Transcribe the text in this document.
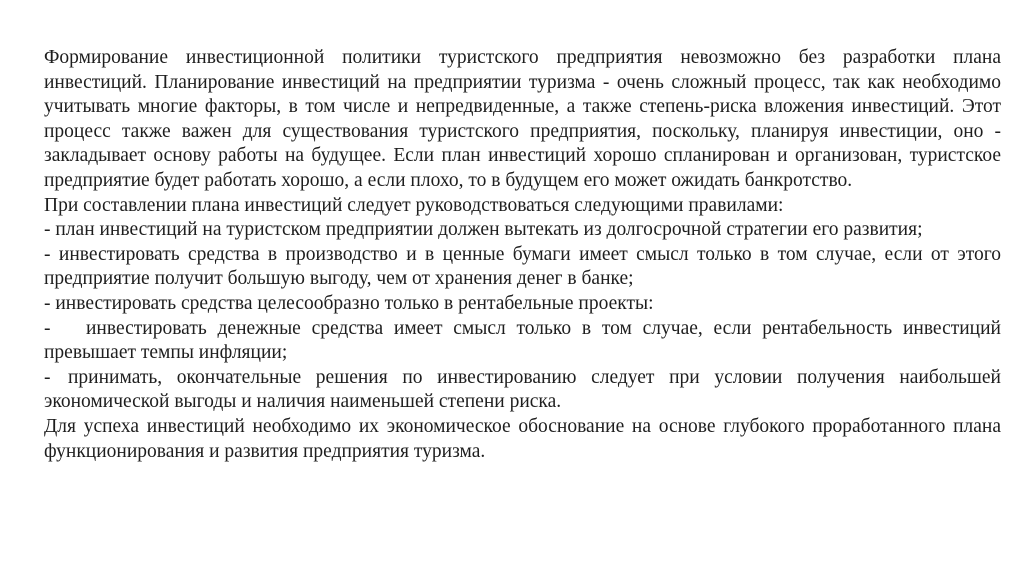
Формирование инвестиционной политики туристского предприятия невозможно без разработки плана инвестиций. Планирование инвестиций на предприятии туризма - очень сложный процесс, так как необходимо учитывать многие факторы, в том числе и непредвиденные, а также степень-риска вложения инвестиций. Этот процесс также важен для существования туристского предприятия, поскольку, планируя инвестиции, оно - закладывает основу работы на будущее. Если план инвестиций хорошо спланирован и организован, туристское предприятие будет работать хорошо, а если плохо, то в будущем его может ожидать банкротство.

При составлении плана инвестиций следует руководствоваться следующими правилами:

- план инвестиций на туристском предприятии должен вытекать из долгосрочной стратегии его развития;

- инвестировать средства в производство и в ценные бумаги имеет смысл только в том случае, если от этого предприятие получит большую выгоду, чем от хранения денег в банке;

- инвестировать средства целесообразно только в рентабельные проекты:

- инвестировать денежные средства имеет смысл только в том случае, если рентабельность инвестиций превышает темпы инфляции;

- принимать, окончательные решения по инвестированию следует при условии получения наибольшей экономической выгоды и наличия наименьшей степени риска.

Для успеха инвестиций необходимо их экономическое обоснование на основе глубокого проработанного плана функционирования и развития предприятия туризма.
